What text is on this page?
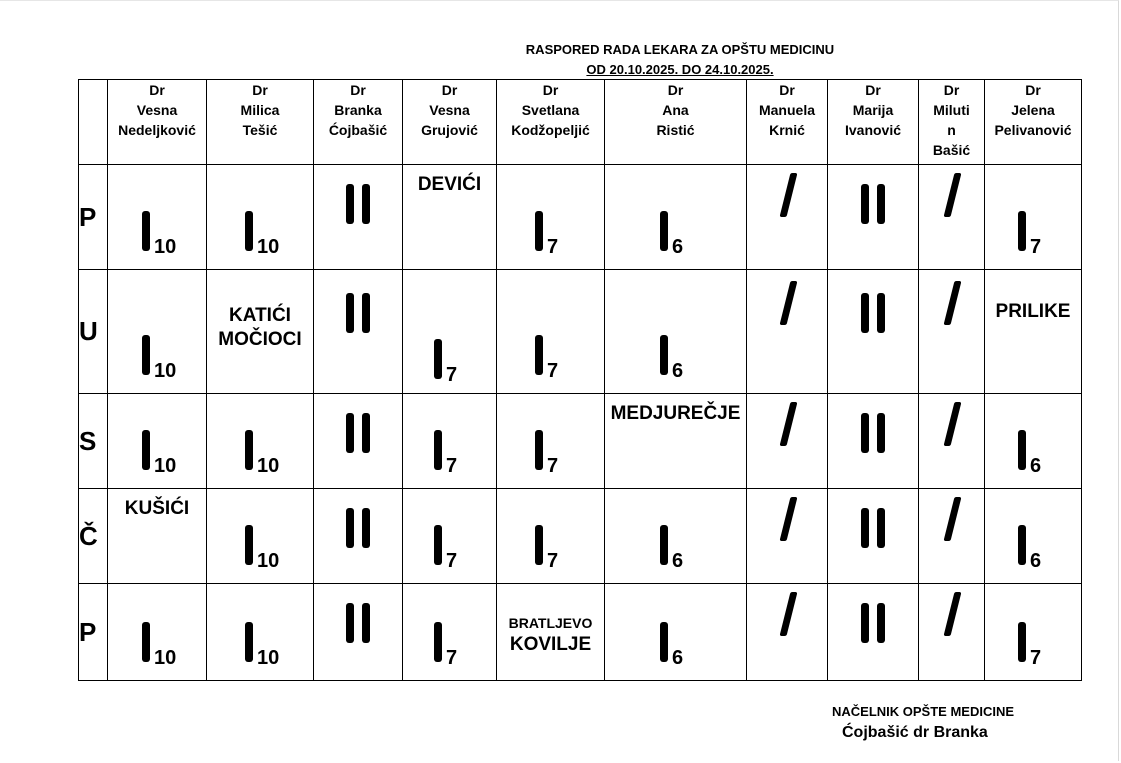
RASPORED RADA LEKARA ZA OPŠTU MEDICINU
OD 20.10.2025. DO 24.10.2025.

	Dr
Vesna
Nedeljković	Dr
Milica
Tešić	Dr
Branka
Ćojbašić	Dr
Vesna
Grujović	Dr
Svetlana
Kodžopeljić	Dr
Ana
Ristić	Dr
Manuela
Krnić	Dr
Marija
Ivanović	Dr
Miluti
n
Bašić	Dr
Jelena
Pelivanović

P	10	10		DEVIĆI	7	6				7

U	10	KATIĆI
MOČIOCI		7	7	6				PRILIKE

S	10	10		7	7	MEDJUREČJE				6

Č	KUŠIĆI	10		7	7	6				6

P	10	10		7	BRATLJEVO
KOVILJE	6				7
NAČELNIK OPŠTE MEDICINE
Ćojbašić dr Branka
